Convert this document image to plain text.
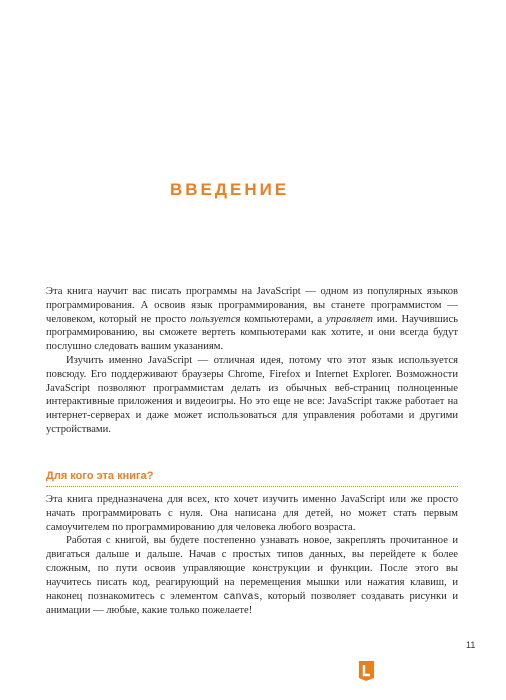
ВВЕДЕНИЕ

Эта книга научит вас писать программы на JavaScript — одном из популярных языков программирования. А освоив язык программирования, вы станете программистом — человеком, который не просто пользуется компьютерами, а управляет ими. Научившись программированию, вы сможете вертеть компьютерами как хотите, и они всегда будут послушно следовать вашим указаниям.

Изучить именно JavaScript — отличная идея, потому что этот язык используется повсюду. Его поддерживают браузеры Chrome, Firefox и Internet Explorer. Возможности JavaScript позволяют программистам делать из обычных веб-страниц полноценные интерактивные приложения и видеоигры. Но это еще не все: JavaScript также работает на интернет-серверах и даже может использоваться для управления роботами и другими устройствами.

Для кого эта книга?

Эта книга предназначена для всех, кто хочет изучить именно JavaScript или же просто начать программировать с нуля. Она написана для детей, но может стать первым самоучителем по программированию для человека любого возраста.

Работая с книгой, вы будете постепенно узнавать новое, закреплять прочитанное и двигаться дальше и дальше. Начав с простых типов данных, вы перейдете к более сложным, по пути освоив управляющие конструкции и функции. После этого вы научитесь писать код, реагирующий на перемещения мышки или нажатия клавиш, и наконец познакомитесь с элементом canvas, который позволяет создавать рисунки и анимации — любые, какие только пожелаете!

11
